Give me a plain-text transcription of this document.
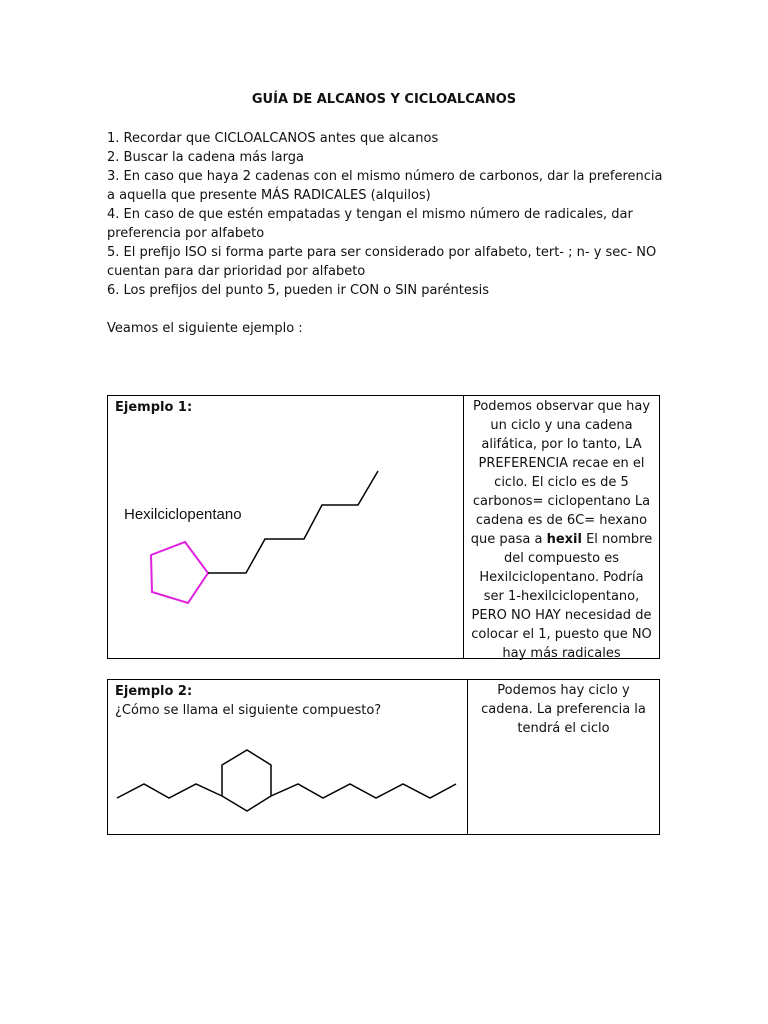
GUÍA DE ALCANOS Y CICLOALCANOS
1. Recordar que CICLOALCANOS antes que alcanos
2. Buscar la cadena más larga
3. En caso que haya 2 cadenas con el mismo número de carbonos, dar la preferencia a aquella que presente MÁS RADICALES (alquilos)
4. En caso de que estén empatadas y tengan el mismo número de radicales, dar preferencia por alfabeto
5. El prefijo ISO si forma parte para ser considerado por alfabeto, tert- ; n- y sec- NO cuentan para dar prioridad por alfabeto
6. Los prefijos del punto 5, pueden ir CON o SIN paréntesis
Veamos el siguiente ejemplo :
Ejemplo 1:
Hexilciclopentano
Podemos observar que hay un ciclo y una cadena alifática, por lo tanto, LA PREFERENCIA recae en el ciclo. El ciclo es de 5 carbonos= ciclopentano La cadena es de 6C= hexano que pasa a hexil El nombre del compuesto es Hexilciclopentano. Podría ser 1-hexilciclopentano, PERO NO HAY necesidad de colocar el 1, puesto que NO hay más radicales
Ejemplo 2:
¿Cómo se llama el siguiente compuesto?
Podemos hay ciclo y cadena. La preferencia la tendrá el ciclo
